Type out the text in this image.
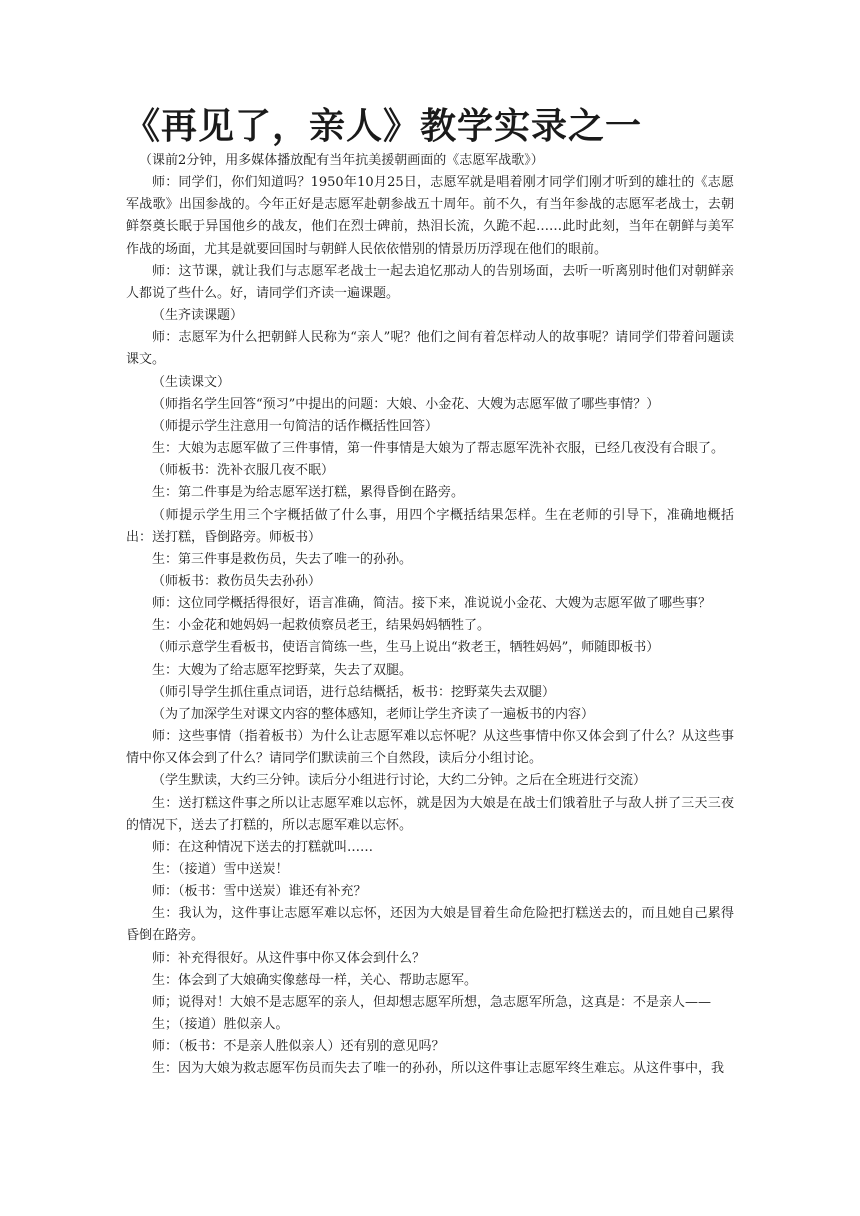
《再见了，亲人》教学实录之一

（课前2分钟，用多媒体播放配有当年抗美援朝画面的《志愿军战歌》）

师：同学们，你们知道吗？1950年10月25日，志愿军就是唱着刚才同学们刚才听到的雄壮的《志愿军战歌》出国参战的。今年正好是志愿军赴朝参战五十周年。前不久，有当年参战的志愿军老战士，去朝鲜祭奠长眠于异国他乡的战友，他们在烈士碑前，热泪长流，久跪不起……此时此刻，当年在朝鲜与美军作战的场面，尤其是就要回国时与朝鲜人民依依惜别的情景历历浮现在他们的眼前。

师：这节课，就让我们与志愿军老战士一起去追忆那动人的告别场面，去听一听离别时他们对朝鲜亲人都说了些什么。好，请同学们齐读一遍课题。

（生齐读课题）

师：志愿军为什么把朝鲜人民称为“亲人”呢？他们之间有着怎样动人的故事呢？请同学们带着问题读课文。

（生读课文）

（师指名学生回答“预习”中提出的问题：大娘、小金花、大嫂为志愿军做了哪些事情？）

（师提示学生注意用一句简洁的话作概括性回答）

生：大娘为志愿军做了三件事情，第一件事情是大娘为了帮志愿军洗补衣服，已经几夜没有合眼了。

（师板书：洗补衣服几夜不眠）

生：第二件事是为给志愿军送打糕，累得昏倒在路旁。

（师提示学生用三个字概括做了什么事，用四个字概括结果怎样。生在老师的引导下，准确地概括出：送打糕，昏倒路旁。师板书）

生：第三件事是救伤员，失去了唯一的孙孙。

（师板书：救伤员失去孙孙）

师：这位同学概括得很好，语言准确，简洁。接下来，准说说小金花、大嫂为志愿军做了哪些事？

生：小金花和她妈妈一起救侦察员老王，结果妈妈牺牲了。

（师示意学生看板书，使语言简练一些，生马上说出“救老王，牺牲妈妈”，师随即板书）

生：大嫂为了给志愿军挖野菜，失去了双腿。

（师引导学生抓住重点词语，进行总结概括，板书：挖野菜失去双腿）

（为了加深学生对课文内容的整体感知，老师让学生齐读了一遍板书的内容）

师：这些事情（指着板书）为什么让志愿军难以忘怀呢？从这些事情中你又体会到了什么？从这些事情中你又体会到了什么？请同学们默读前三个自然段，读后分小组讨论。

（学生默读，大约三分钟。读后分小组进行讨论，大约二分钟。之后在全班进行交流）

生：送打糕这件事之所以让志愿军难以忘怀，就是因为大娘是在战士们饿着肚子与敌人拼了三天三夜的情况下，送去了打糕的，所以志愿军难以忘怀。

师：在这种情况下送去的打糕就叫……

生：（接道）雪中送炭！

师：（板书：雪中送炭）谁还有补充？

生：我认为，这件事让志愿军难以忘怀，还因为大娘是冒着生命危险把打糕送去的，而且她自己累得昏倒在路旁。

师：补充得很好。从这件事中你又体会到什么？

生：体会到了大娘确实像慈母一样，关心、帮助志愿军。

师；说得对！大娘不是志愿军的亲人，但却想志愿军所想，急志愿军所急，这真是：不是亲人——

生；（接道）胜似亲人。

师：（板书：不是亲人胜似亲人）还有别的意见吗？

生：因为大娘为救志愿军伤员而失去了唯一的孙孙，所以这件事让志愿军终生难忘。从这件事中，我
